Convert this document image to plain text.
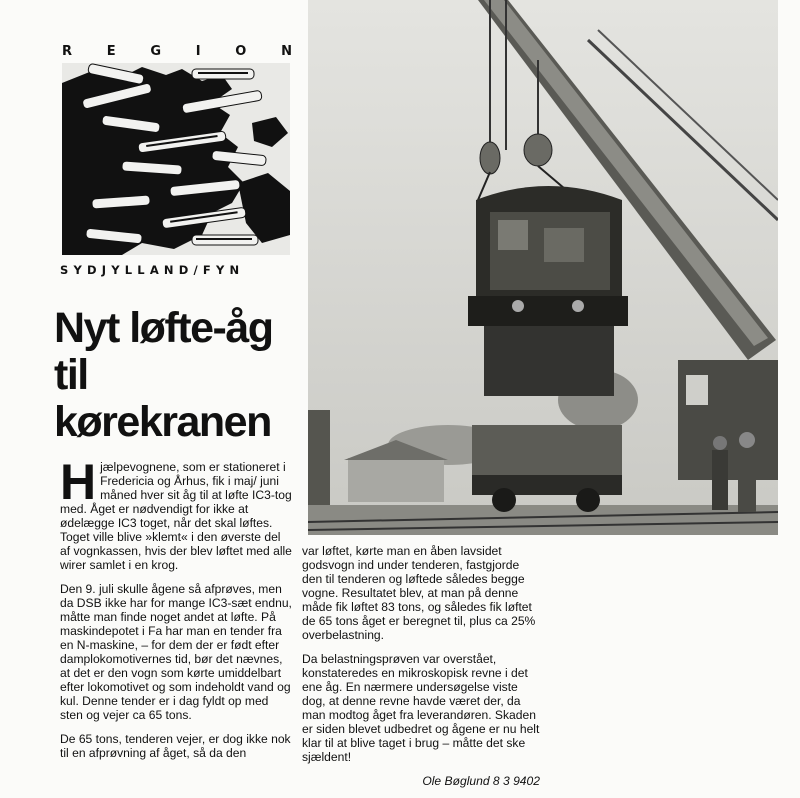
R	E	G	I	O	N
SYDJYLLAND/FYN
Nyt løfte-åg
til
kørekranen

Hjælpevognene, som er stationeret i Fredericia og Århus, fik i maj/ juni måned hver sit åg til at løfte IC3-tog med. Åget er nødvendigt for ikke at ødelægge IC3 toget, når det skal løftes. Toget ville blive »klemt« i den øverste del af vognkassen, hvis der blev løftet med alle wirer samlet i en krog.

Den 9. juli skulle ågene så afprøves, men da DSB ikke har for mange IC3-sæt endnu, måtte man finde noget andet at løfte. På maskindepotet i Fa har man en tender fra en N-maskine, – for dem der er født efter damplokomotivernes tid, bør det nævnes, at det er den vogn som kørte umiddelbart efter lokomotivet og som indeholdt vand og kul. Denne tender er i dag fyldt op med sten og vejer ca 65 tons.

De 65 tons, tenderen vejer, er dog ikke nok til en afprøvning af åget, så da den

var løftet, kørte man en åben lavsidet godsvogn ind under tenderen, fastgjorde den til tenderen og løftede således begge vogne. Resultatet blev, at man på denne måde fik løftet 83 tons, og således fik løftet de 65 tons åget er beregnet til, plus ca 25% overbelastning.

Da belastningsprøven var overstået, konstateredes en mikroskopisk revne i det ene åg. En nærmere undersøgelse viste dog, at denne revne havde været der, da man modtog åget fra leverandøren. Skaden er siden blevet udbedret og ågene er nu helt klar til at blive taget i brug – måtte det ske sjældent!

Ole Bøglund 8 3 9402
